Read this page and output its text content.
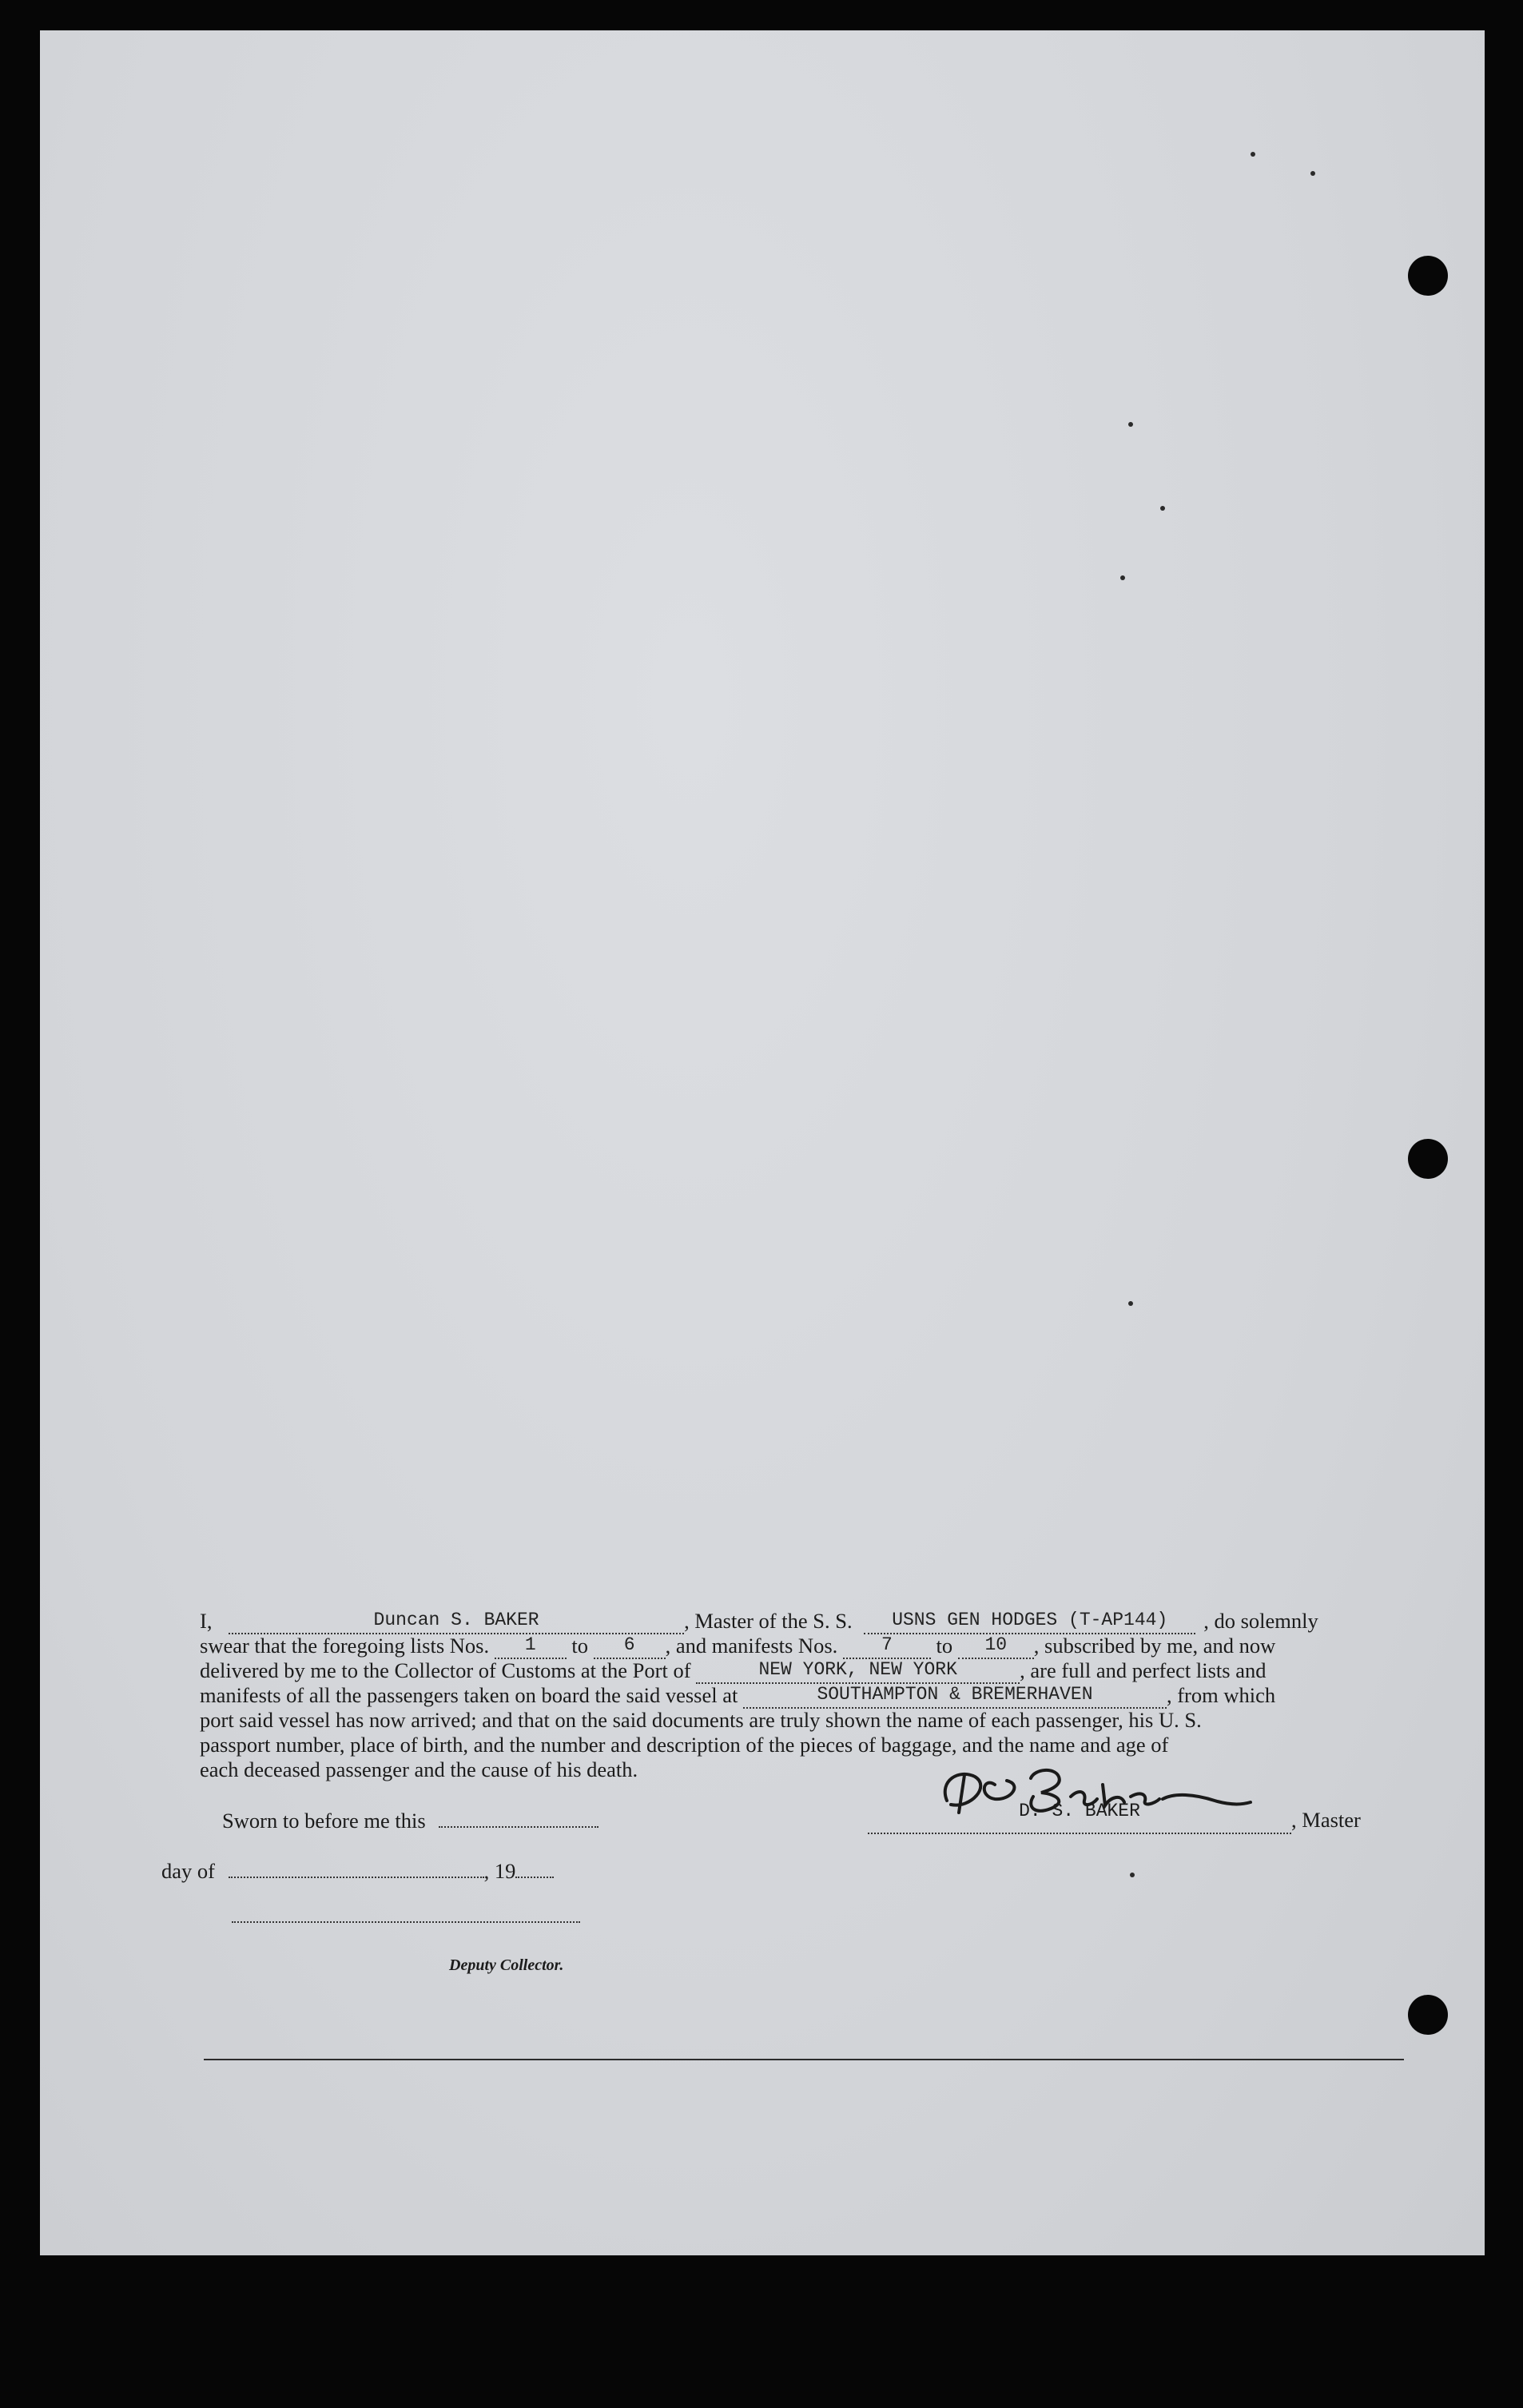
I,	Duncan S. BAKER	, Master of the S. S. USNS GEN HODGES (T-AP144) , do solemnly
swear that the foregoing lists Nos. 1 to 6 , and manifests Nos. 7 to 10 , subscribed by me, and now
delivered by me to the Collector of Customs at the Port of	NEW YORK, NEW YORK	, are full and perfect lists and
manifests of all the passengers taken on board the said vessel at	SOUTHAMPTON & BREMERHAVEN	, from which
port said vessel has now arrived; and that on the said documents are truly shown the name of each passenger, his U. S.
passport number, place of birth, and the number and description of the pieces of baggage, and the name and age of
each deceased passenger and the cause of his death.
Sworn to before me this
day of	, 19
Deputy Collector.
D. S. BAKER	, Master
